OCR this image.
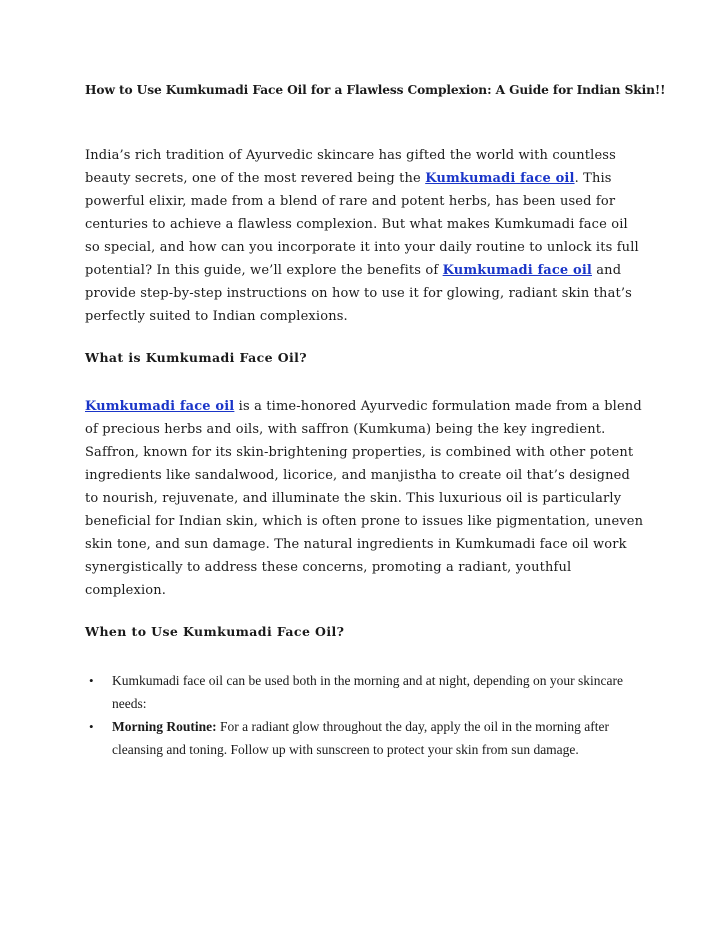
How to Use Kumkumadi Face Oil for a Flawless Complexion: A Guide for Indian Skin!!

India’s rich tradition of Ayurvedic skincare has gifted the world with countless beauty secrets, one of the most revered being the Kumkumadi face oil. This powerful elixir, made from a blend of rare and potent herbs, has been used for centuries to achieve a flawless complexion. But what makes Kumkumadi face oil so special, and how can you incorporate it into your daily routine to unlock its full potential? In this guide, we’ll explore the benefits of Kumkumadi face oil and provide step-by-step instructions on how to use it for glowing, radiant skin that’s perfectly suited to Indian complexions.

What is Kumkumadi Face Oil?

Kumkumadi face oil is a time-honored Ayurvedic formulation made from a blend of precious herbs and oils, with saffron (Kumkuma) being the key ingredient. Saffron, known for its skin-brightening properties, is combined with other potent ingredients like sandalwood, licorice, and manjistha to create oil that’s designed to nourish, rejuvenate, and illuminate the skin. This luxurious oil is particularly beneficial for Indian skin, which is often prone to issues like pigmentation, uneven skin tone, and sun damage. The natural ingredients in Kumkumadi face oil work synergistically to address these concerns, promoting a radiant, youthful complexion.

When to Use Kumkumadi Face Oil?
• Kumkumadi face oil can be used both in the morning and at night, depending on your skincare needs:
• Morning Routine: For a radiant glow throughout the day, apply the oil in the morning after cleansing and toning. Follow up with sunscreen to protect your skin from sun damage.
